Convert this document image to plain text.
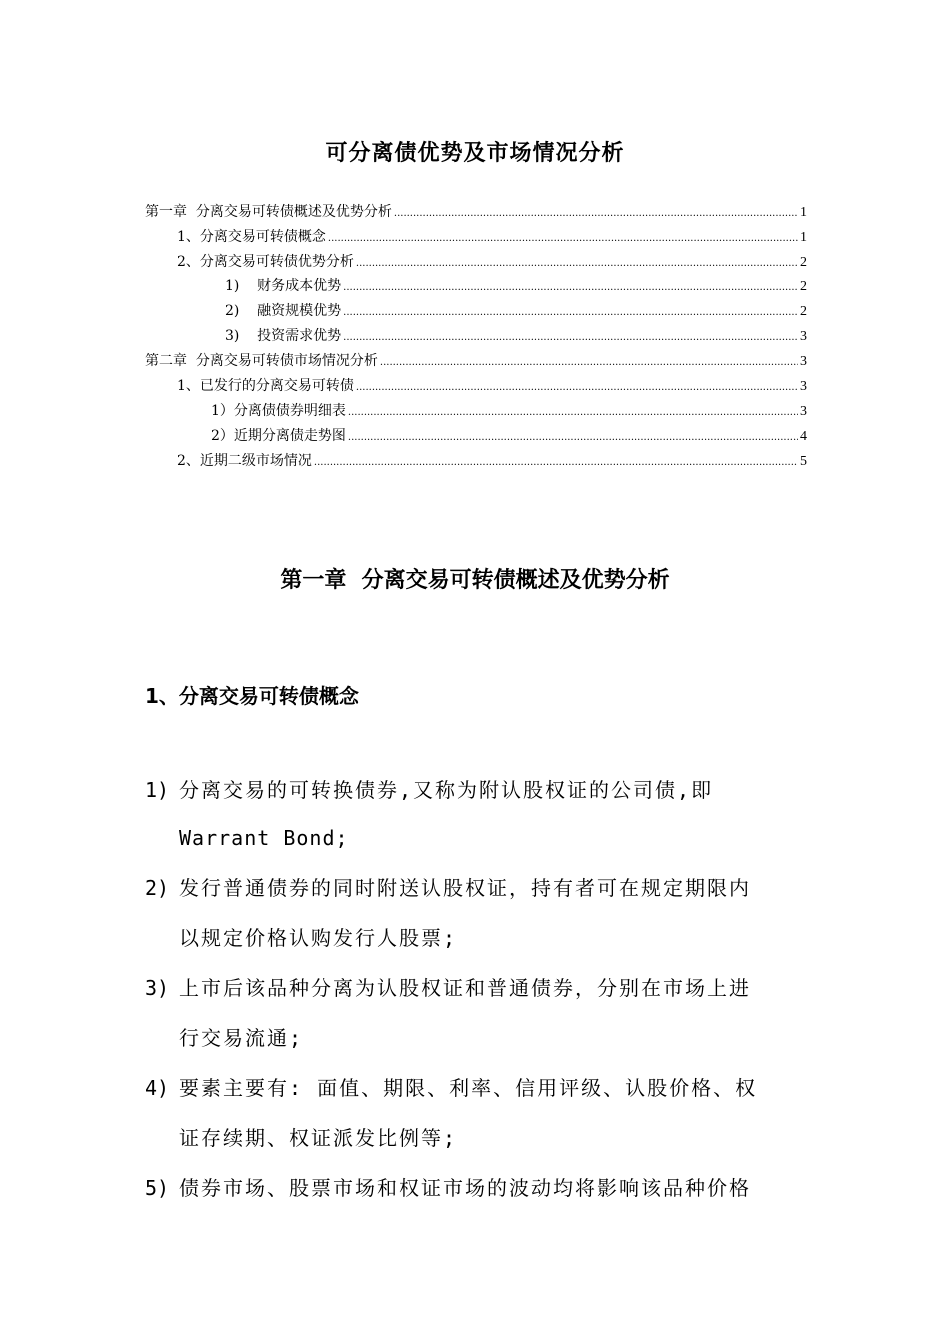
可分离债优势及市场情况分析
第一章  分离交易可转债概述及优势分析 .....	1
1、分离交易可转债概念 .....	1
2、分离交易可转债优势分析 .....	2
1)    财务成本优势 .....	2
2)    融资规模优势 .....	2
3)    投资需求优势 .....	3
第二章  分离交易可转债市场情况分析 .....	3
1、已发行的分离交易可转债 .....	3
1）分离债债券明细表 .....	3
2）近期分离债走势图 .....	4
2、近期二级市场情况 .....	5
第一章  分离交易可转债概述及优势分析
1、分离交易可转债概念
1) 分离交易的可转换债券,又称为附认股权证的公司债,即
Warrant Bond;
2) 发行普通债券的同时附送认股权证，持有者可在规定期限内
以规定价格认购发行人股票;
3) 上市后该品种分离为认股权证和普通债券，分别在市场上进
行交易流通;
4) 要素主要有: 面值、期限、利率、信用评级、认股价格、权
证存续期、权证派发比例等;
5) 债券市场、股票市场和权证市场的波动均将影响该品种价格
